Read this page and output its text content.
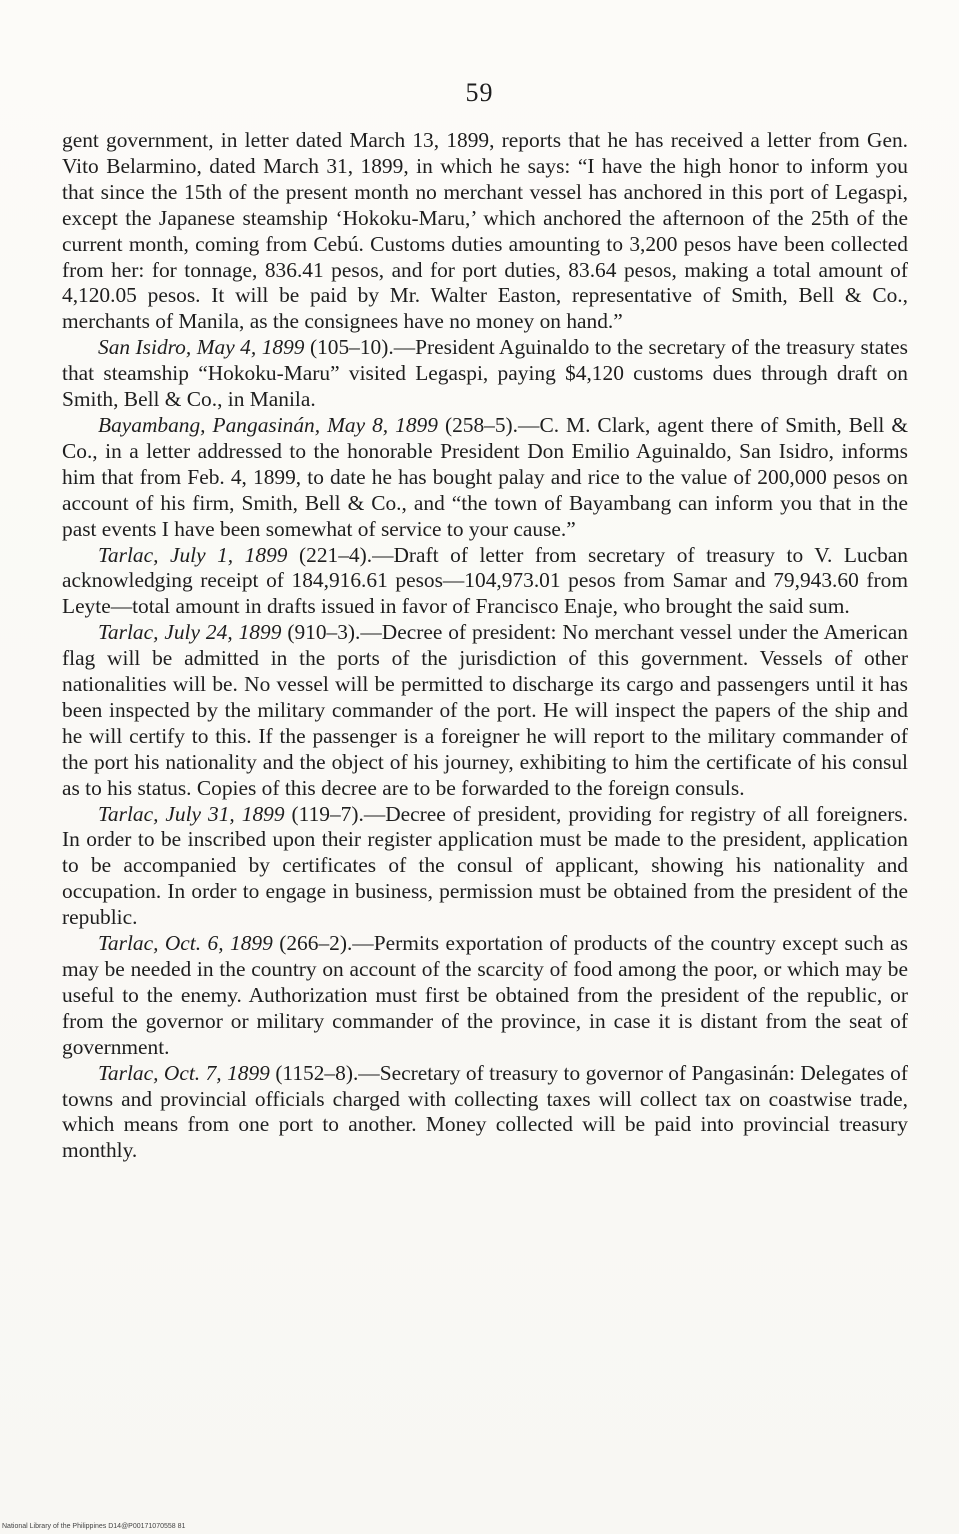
59

gent government, in letter dated March 13, 1899, reports that he has received a letter from Gen. Vito Belarmino, dated March 31, 1899, in which he says: “I have the high honor to inform you that since the 15th of the present month no merchant vessel has anchored in this port of Legaspi, except the Japanese steamship ‘Hokoku-Maru,’ which anchored the afternoon of the 25th of the current month, coming from Cebú. Customs duties amounting to 3,200 pesos have been collected from her: for tonnage, 836.41 pesos, and for port duties, 83.64 pesos, making a total amount of 4,120.05 pesos. It will be paid by Mr. Walter Easton, representative of Smith, Bell & Co., merchants of Manila, as the consignees have no money on hand.”

San Isidro, May 4, 1899 (105–10).—President Aguinaldo to the secretary of the treasury states that steamship “Hokoku-Maru” visited Legaspi, paying $4,120 customs dues through draft on Smith, Bell & Co., in Manila.

Bayambang, Pangasinán, May 8, 1899 (258–5).—C. M. Clark, agent there of Smith, Bell & Co., in a letter addressed to the honorable President Don Emilio Aguinaldo, San Isidro, informs him that from Feb. 4, 1899, to date he has bought palay and rice to the value of 200,000 pesos on account of his firm, Smith, Bell & Co., and “the town of Bayambang can inform you that in the past events I have been somewhat of service to your cause.”

Tarlac, July 1, 1899 (221–4).—Draft of letter from secretary of treasury to V. Lucban acknowledging receipt of 184,916.61 pesos—104,973.01 pesos from Samar and 79,943.60 from Leyte—total amount in drafts issued in favor of Francisco Enaje, who brought the said sum.

Tarlac, July 24, 1899 (910–3).—Decree of president: No merchant vessel under the American flag will be admitted in the ports of the jurisdiction of this government. Vessels of other nationalities will be. No vessel will be permitted to discharge its cargo and passengers until it has been inspected by the military commander of the port. He will inspect the papers of the ship and he will certify to this. If the passenger is a foreigner he will report to the military commander of the port his nationality and the object of his journey, exhibiting to him the certificate of his consul as to his status. Copies of this decree are to be forwarded to the foreign consuls.

Tarlac, July 31, 1899 (119–7).—Decree of president, providing for registry of all foreigners. In order to be inscribed upon their register application must be made to the president, application to be accompanied by certificates of the consul of applicant, showing his nationality and occupation. In order to engage in business, permission must be obtained from the president of the republic.

Tarlac, Oct. 6, 1899 (266–2).—Permits exportation of products of the country except such as may be needed in the country on account of the scarcity of food among the poor, or which may be useful to the enemy. Authorization must first be obtained from the president of the republic, or from the governor or military commander of the province, in case it is distant from the seat of government.

Tarlac, Oct. 7, 1899 (1152–8).—Secretary of treasury to governor of Pangasinán: Delegates of towns and provincial officials charged with collecting taxes will collect tax on coastwise trade, which means from one port to another. Money collected will be paid into provincial treasury monthly.

National Library of the Philippines D14@P00171070558 81
